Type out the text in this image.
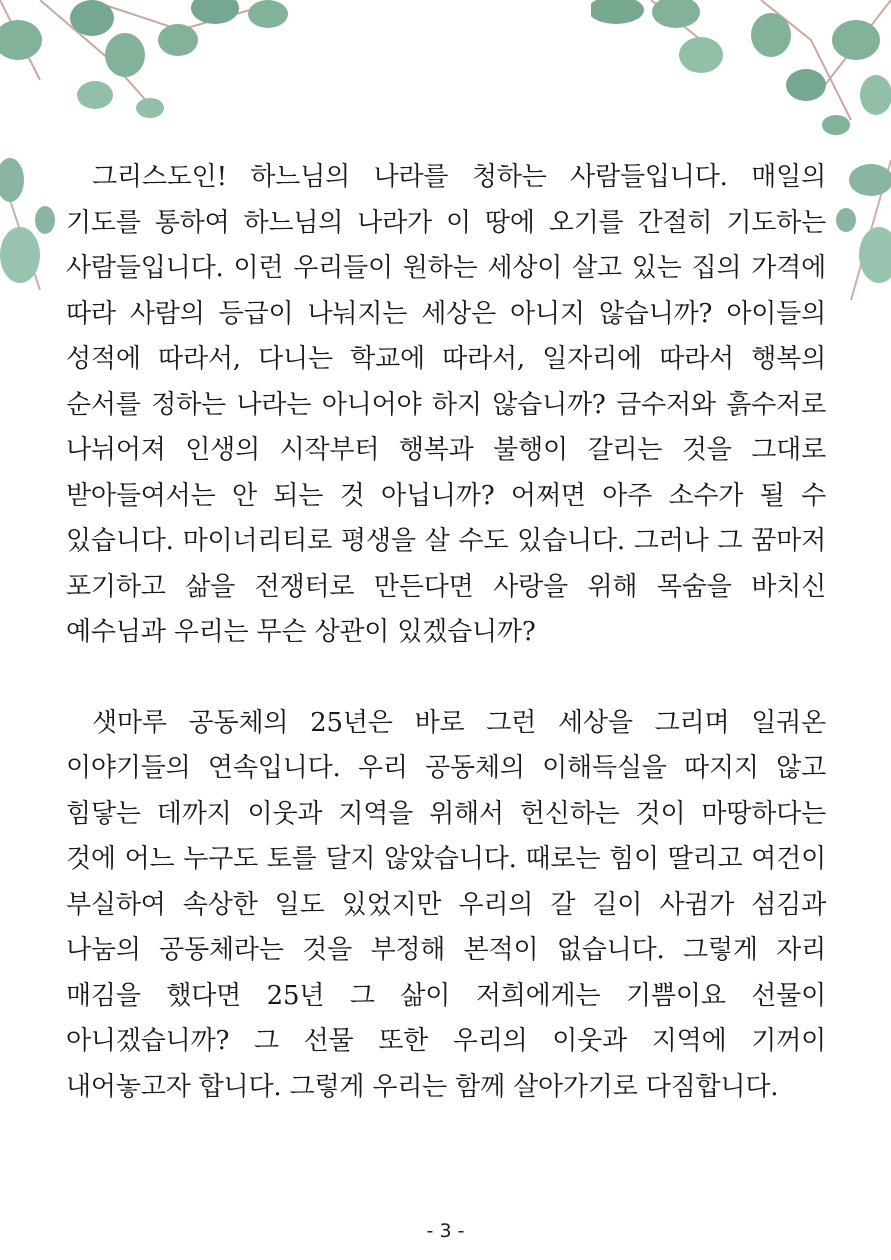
그리스도인! 하느님의 나라를 청하는 사람들입니다. 매일의 기도를 통하여 하느님의 나라가 이 땅에 오기를 간절히 기도하는 사람들입니다. 이런 우리들이 원하는 세상이 살고 있는 집의 가격에 따라 사람의 등급이 나눠지는 세상은 아니지 않습니까? 아이들의 성적에 따라서, 다니는 학교에 따라서, 일자리에 따라서 행복의 순서를 정하는 나라는 아니어야 하지 않습니까? 금수저와 흙수저로 나뉘어져 인생의 시작부터 행복과 불행이 갈리는 것을 그대로 받아들여서는 안 되는 것 아닙니까? 어쩌면 아주 소수가 될 수 있습니다. 마이너리티로 평생을 살 수도 있습니다. 그러나 그 꿈마저 포기하고 삶을 전쟁터로 만든다면 사랑을 위해 목숨을 바치신 예수님과 우리는 무슨 상관이 있겠습니까?

샛마루 공동체의 25년은 바로 그런 세상을 그리며 일궈온 이야기들의 연속입니다. 우리 공동체의 이해득실을 따지지 않고 힘닿는 데까지 이웃과 지역을 위해서 헌신하는 것이 마땅하다는 것에 어느 누구도 토를 달지 않았습니다. 때로는 힘이 딸리고 여건이 부실하여 속상한 일도 있었지만 우리의 갈 길이 사귐가 섬김과 나눔의 공동체라는 것을 부정해 본적이 없습니다. 그렇게 자리 매김을 했다면 25년 그 삶이 저희에게는 기쁨이요 선물이 아니겠습니까? 그 선물 또한 우리의 이웃과 지역에 기꺼이 내어놓고자 합니다. 그렇게 우리는 함께 살아가기로 다짐합니다.

- 3 -
